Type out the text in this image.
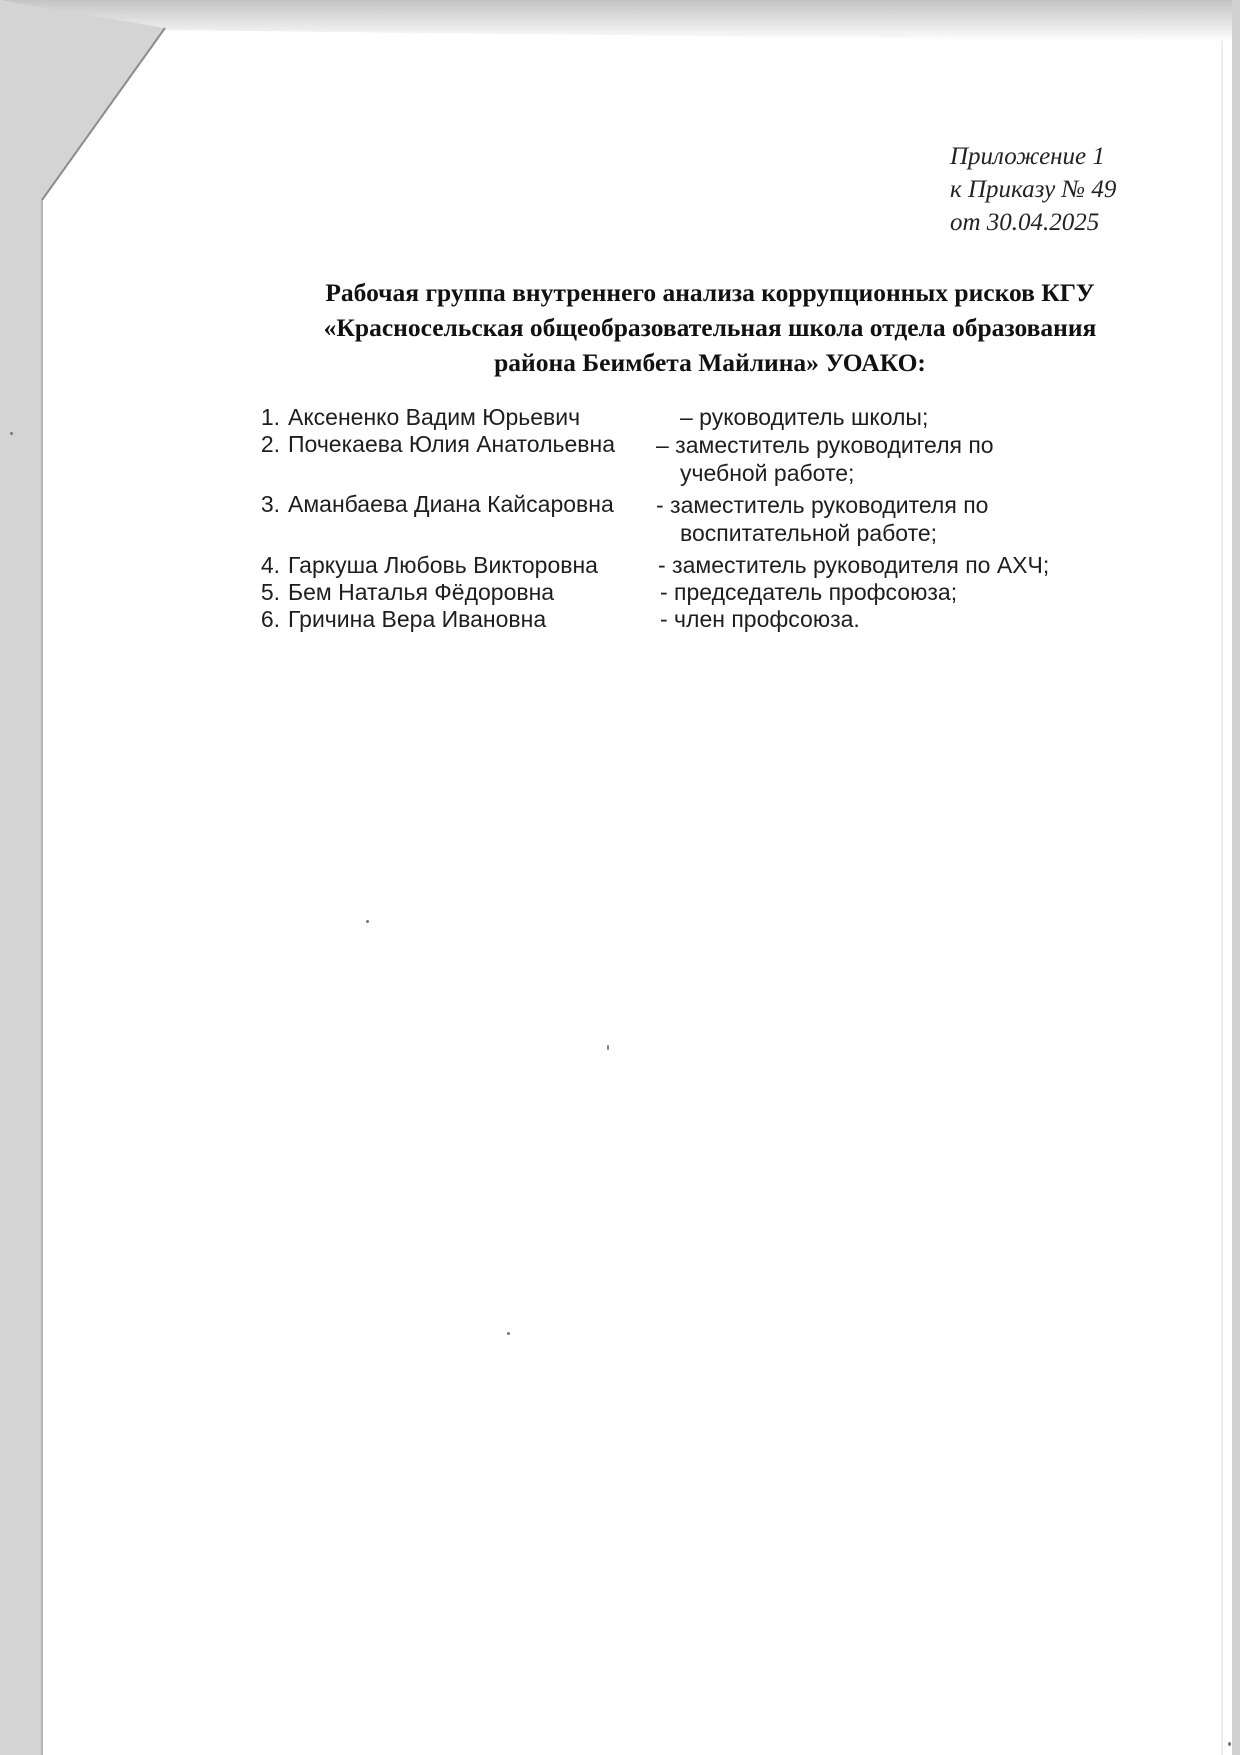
Приложение 1
к Приказу № 49
от 30.04.2025
Рабочая группа внутреннего анализа коррупционных рисков КГУ
«Красносельская общеобразовательная школа отдела образования
района Беимбета Майлина» УОАКО:
1. Аксененко Вадим Юрьевич	– руководитель школы;
2. Почекаева Юлия Анатольевна – заместитель руководителя по
учебной работе;
3. Аманбаева Диана Кайсаровна - заместитель руководителя по
воспитательной работе;
4. Гаркуша Любовь Викторовна	- заместитель руководителя по АХЧ;
5. Бем Наталья Фёдоровна	- председатель профсоюза;
6. Гричина Вера Ивановна	- член профсоюза.
